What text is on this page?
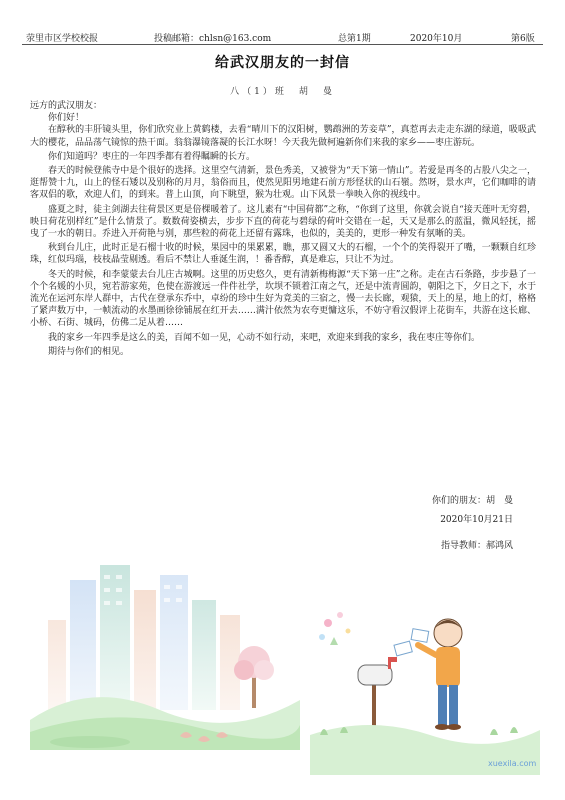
荥里市区学校校报	投稿邮箱：chlsn@163.com	总第1期	2020年10月	第6版
给武汉朋友的一封信
八（1）班　胡　曼

远方的武汉朋友：

你们好！

在醇秋的丰肝镜头里，你们欣究业上黄鹤楼，去看“晴川下的汉阳树，鹦鹉洲的芳妾草”，真惹再去走走东湖的绿道，吸吸武大的樱花，品品荡气镜惊的热干面。翁翁瀑镜落凝的长江水呀！今天我先做柯遍新你们来我的家乡——枣庄游玩。

你们知道吗？枣庄的一年四季都有着得瞩瞬的长方。

春天的时候登熊寺中是个很好的选择。这里空气清新，景色秀美，又被誉为“天下第一情山”。若爱是再冬的占股八尖之一，逛帮赞十九，山上的怪石矮以及别称的月月，翁俗而且，使然见阳男地建石前方形怪状的山石嶺。然呀，景水声，它们咖啡的请客双侣的歌，欢迎人们，的到来。普上山顶，向下眺望，猴为壮观。山下风景一拳映入你的视线中。

盛夏之时，徒主剑湖去往荷景区更是倍棵暖着了。这儿素有“中国荷都”之称，“你到了这里，你就会说自“接天莲叶无穷碧，映日荷花别样红”是什么情景了。数数荷姿横去，步步下直的荷花与碧绿的荷叶交错在一起，天又是那么的蓝温，微风轻抚，摇曳了一水的朝日。乔进入开荷艳与别，那些粒的荷花上还留有露珠，也似的，美美的，更形一种发有氛晰的美。

秋到台儿庄，此时正是石榴十收的时候，果园中的果累累，瞧，那又圆又大的石榴，一个个的笑得裂开了嘴，一颗颗自红珍珠，红似玛瑙，枝枝晶莹剔透。看后不禁让人垂涎生润，！番香醇，真是难忘，只让不为过。

冬天的时候，和李蒙蒙去台儿庄古城啊。这里的历史悠久，更有清新梅梅源“天下第一庄”之称。走在古石条路，步步悬了一个个名媛的小贝，宛若游家苑，色使在游渡远一件件社学，坎坝不锁着江南之气，还是中流青圆韵，朝阳之下，夕日之下，水于流光在运河东岸人群中，古代在登承东乔中，卓纷的珍中生好为竟美的三宿之，慢一去长廊，观猿，天上的星，地上的灯，格格了紧声数万中，一帧流动的水墨画徐徐铺展在红开去……满汁依然为农夸更慵这乐，不妨守看汉假评上花街车，共游在这长廊、小桥、石街、城码，仿佛二足从着……

我的家乡一年四季是这么的美，百闻不如一见，心动不如行动，来吧，欢迎来到我的家乡，我在枣庄等你们。

期待与你们的相见。

你们的朋友：胡　曼
2020年10月21日
指导教师：郝鸿风
xuexila.com
